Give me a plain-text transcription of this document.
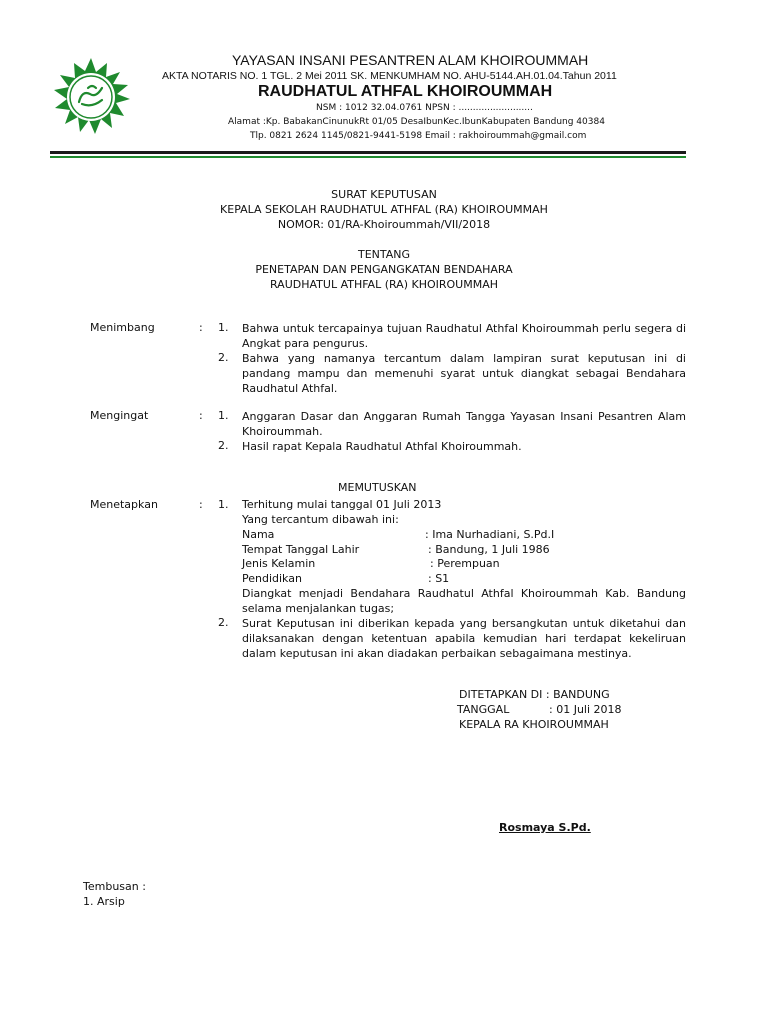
YAYASAN INSANI PESANTREN ALAM KHOIROUMMAH
AKTA NOTARIS NO. 1 TGL. 2 Mei 2011 SK. MENKUMHAM NO. AHU-5144.AH.01.04.Tahun 2011
RAUDHATUL ATHFAL KHOIROUMMAH
NSM : 1012 32.04.0761 NPSN : ..........................
Alamat :Kp. BabakanCinunukRt 01/05 DesaIbunKec.IbunKabupaten Bandung 40384
Tlp. 0821 2624 1145/0821-9441-5198 Email : rakhoiroummah@gmail.com
SURAT KEPUTUSAN
KEPALA SEKOLAH RAUDHATUL ATHFAL (RA) KHOIROUMMAH
NOMOR: 01/RA-Khoiroummah/VII/2018
TENTANG
PENETAPAN DAN PENGANGKATAN BENDAHARA
RAUDHATUL ATHFAL (RA) KHOIROUMMAH
Menimbang	: 1. Bahwa untuk tercapainya tujuan Raudhatul Athfal Khoiroummah perlu segera di Angkat para pengurus.
2. Bahwa yang namanya tercantum dalam lampiran surat keputusan ini di pandang mampu dan memenuhi syarat untuk diangkat sebagai Bendahara Raudhatul Athfal.
Mengingat	: 1. Anggaran Dasar dan Anggaran Rumah Tangga Yayasan Insani Pesantren Alam Khoiroummah.
2. Hasil rapat Kepala Raudhatul Athfal Khoiroummah.
MEMUTUSKAN
Menetapkan	: 1. Terhitung mulai tanggal 01 Juli 2013
Yang tercantum dibawah ini:
Nama	: Ima Nurhadiani, S.Pd.I
Tempat Tanggal Lahir	: Bandung, 1 Juli 1986
Jenis Kelamin	: Perempuan
Pendidikan	: S1
Diangkat menjadi Bendahara Raudhatul Athfal Khoiroummah Kab. Bandung selama menjalankan tugas;
2. Surat Keputusan ini diberikan kepada yang bersangkutan untuk diketahui dan dilaksanakan dengan ketentuan apabila kemudian hari terdapat kekeliruan dalam keputusan ini akan diadakan perbaikan sebagaimana mestinya.
DITETAPKAN DI : BANDUNG
TANGGAL	: 01 Juli 2018
KEPALA RA KHOIROUMMAH
Rosmaya S.Pd.
Tembusan :
1. Arsip
